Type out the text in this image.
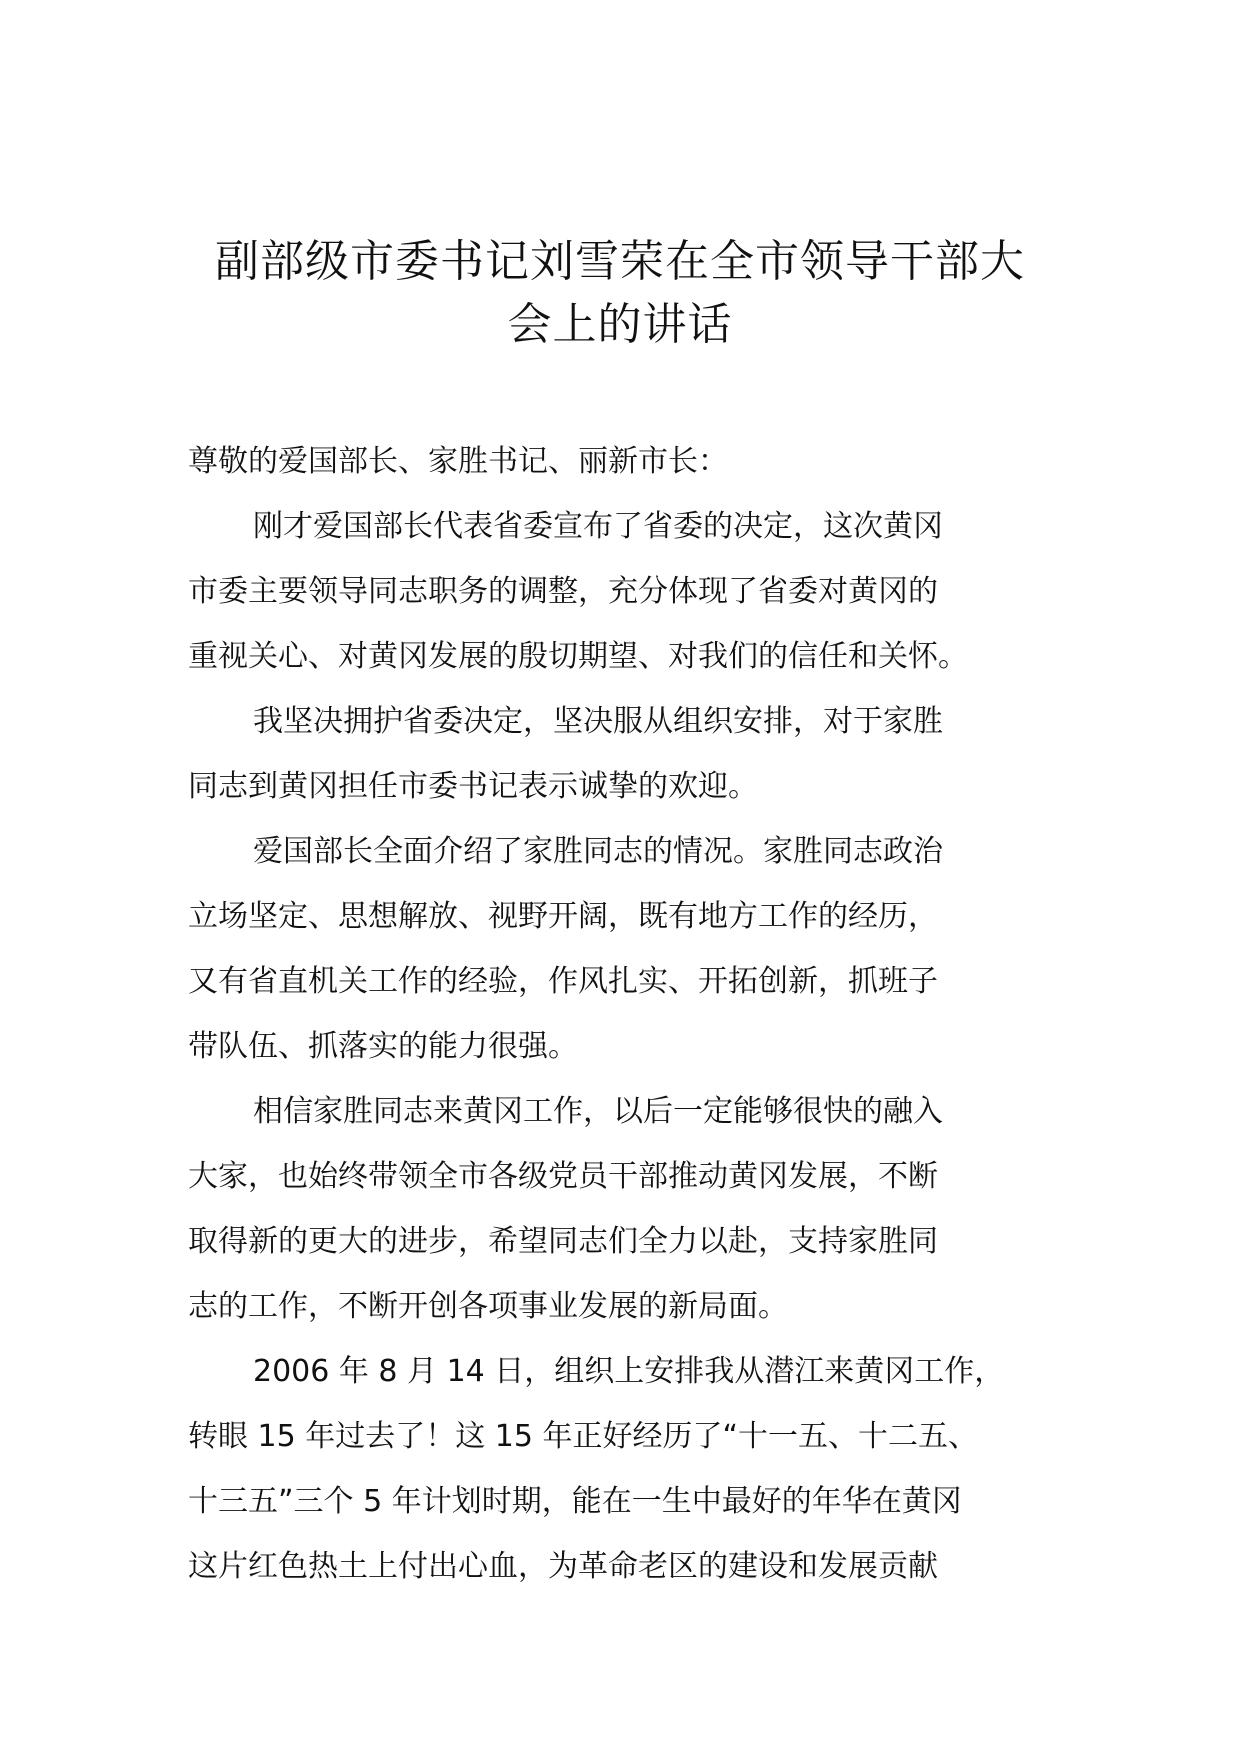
副部级市委书记刘雪荣在全市领导干部大
会上的讲话
尊敬的爱国部长、家胜书记、丽新市长：
刚才爱国部长代表省委宣布了省委的决定，这次黄冈
市委主要领导同志职务的调整，充分体现了省委对黄冈的
重视关心、对黄冈发展的殷切期望、对我们的信任和关怀。
我坚决拥护省委决定，坚决服从组织安排，对于家胜
同志到黄冈担任市委书记表示诚挚的欢迎。
爱国部长全面介绍了家胜同志的情况。家胜同志政治
立场坚定、思想解放、视野开阔，既有地方工作的经历，
又有省直机关工作的经验，作风扎实、开拓创新，抓班子
带队伍、抓落实的能力很强。
相信家胜同志来黄冈工作，以后一定能够很快的融入
大家，也始终带领全市各级党员干部推动黄冈发展，不断
取得新的更大的进步，希望同志们全力以赴，支持家胜同
志的工作，不断开创各项事业发展的新局面。
2006 年 8 月 14 日，组织上安排我从潜江来黄冈工作，
转眼 15 年过去了！这 15 年正好经历了“十一五、十二五、
十三五”三个 5 年计划时期，能在一生中最好的年华在黄冈
这片红色热土上付出心血，为革命老区的建设和发展贡献
